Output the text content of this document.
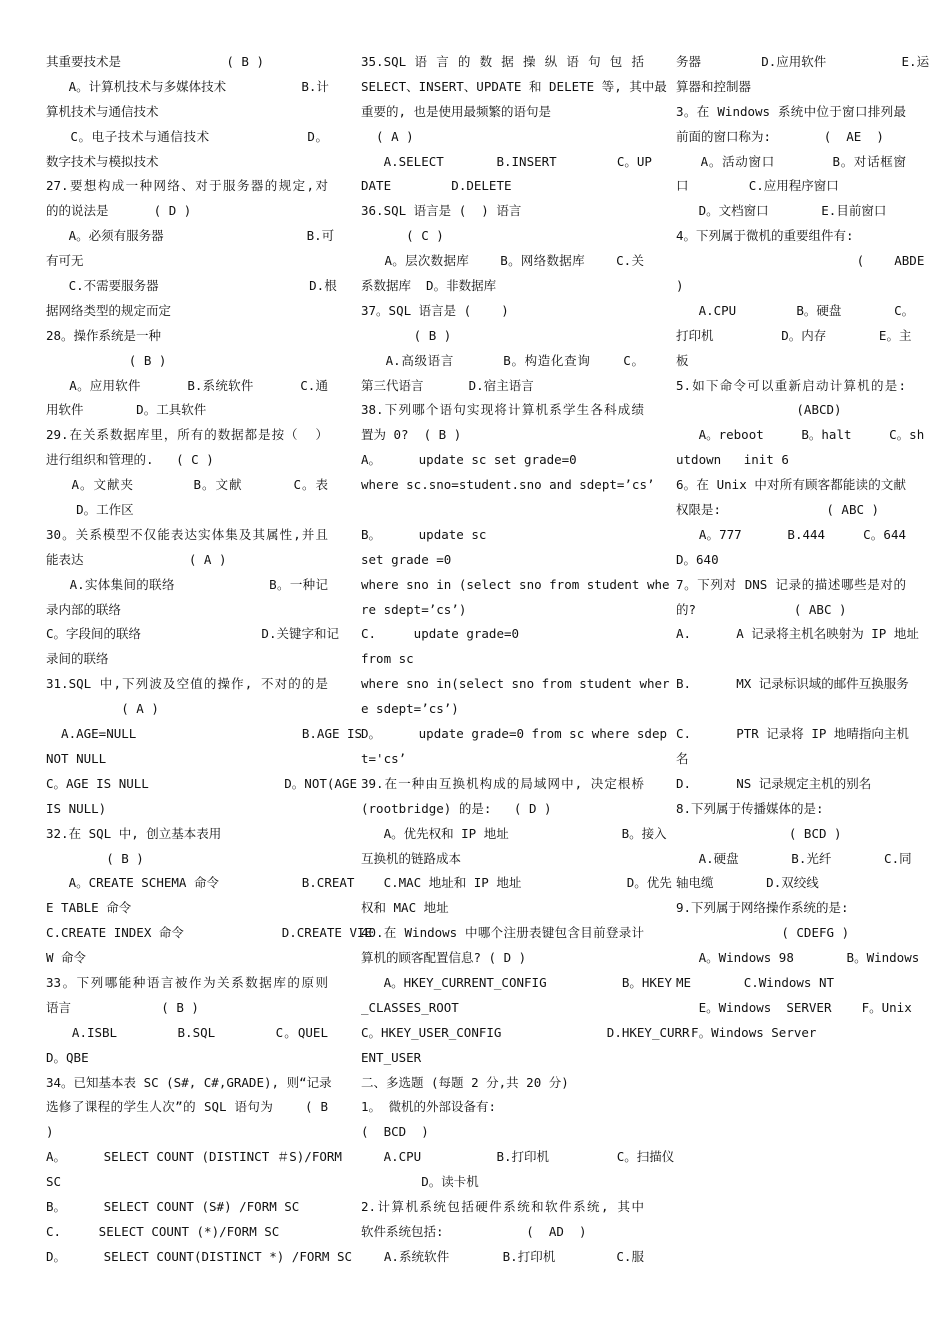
其重要技术是              ( B )
A。计算机技术与多媒体技术          B.计
算机技术与通信技术
C。电子技术与通信技术            D。
数字技术与模拟技术
27.要想构成一种网络、对于服务器的规定,对
的的说法是      ( D )
A。必须有服务器                   B.可
有可无
C.不需要服务器                    D.根
据网络类型的规定而定
28。操作系统是一种
( B )
A。应用软件      B.系统软件      C.通
用软件       D。工具软件
29.在关系数据库里，所有的数据都是按（  ）
进行组织和管理的.   ( C )
A。文献夹       B。文献      C。表
D。工作区
30。关系模型不仅能表达实体集及其属性,并且
能表达              ( A )
A.实体集间的联络            B。一种记
录内部的联络
C。字段间的联络                D.关键字和记
录间的联络
31.SQL 中,下列波及空值的操作, 不对的的是
( A )
A.AGE=NULL                      B.AGE IS
NOT NULL
C。AGE IS NULL                  D。NOT(AGE
IS NULL)
32.在 SQL 中, 创立基本表用
( B )
A。CREATE SCHEMA 命令           B.CREAT
E TABLE 命令
C.CREATE INDEX 命令             D.CREATE VIE
W 命令
33。下列哪能种语言被作为关系数据库的原则
语言            ( B )
A.ISBL       B.SQL       C。QUEL
D。QBE
34。已知基本表 SC (S#, C#,GRADE), 则“记录
选修了课程的学生人次”的 SQL 语句为    ( B
)
A。     SELECT COUNT (DISTINCT ＃S)/FORM
SC
B。     SELECT COUNT (S#) /FORM SC
C.     SELECT COUNT (*)/FORM SC
D。     SELECT COUNT(DISTINCT *) /FORM SC
35.SQL 语 言 的 数 据 操 纵 语 句 包 括
SELECT、INSERT、UPDATE 和 DELETE 等, 其中最
重要的, 也是使用最频繁的语句是
( A )
A.SELECT       B.INSERT        C。UP
DATE        D.DELETE
36.SQL 语言是 (  ) 语言
( C )
A。层次数据库    B。网络数据库    C.关
系数据库  D。非数据库
37。SQL 语言是 (    )
( B )
A.高级语言      B。构造化查询    C。
第三代语言      D.宿主语言
38.下列哪个语句实现将计算机系学生各科成绩
置为 0?  ( B )
A。     update sc set grade=0
where sc.sno=student.sno and sdept=’cs’
B。     update sc
set grade =0
where sno in (select sno from student whe
re sdept=’cs’)
C.     update grade=0
from sc
where sno in(select sno from student wher
e sdept=’cs’)
D。     update grade=0 from sc where sdep
t='cs’
39.在一种由互换机构成的局域网中, 决定根桥
(rootbridge) 的是:   ( D )
A。优先权和 IP 地址               B。接入
互换机的链路成本
C.MAC 地址和 IP 地址              D。优先
权和 MAC 地址
40.在 Windows 中哪个注册表键包含目前登录计
算机的顾客配置信息? ( D )
A。HKEY_CURRENT_CONFIG          B。HKEY
_CLASSES_ROOT
C。HKEY_USER_CONFIG              D.HKEY_CURR
ENT_USER
二、多选题 (每题 2 分,共 20 分)
1。 微机的外部设备有:
(  BCD  )
A.CPU          B.打印机         C。扫描仪
D。读卡机
2.计算机系统包括硬件系统和软件系统, 其中
软件系统包括:           (  AD  )
A.系统软件       B.打印机        C.服
务器        D.应用软件          E.运
算器和控制器
3。在 Windows 系统中位于窗口排列最
前面的窗口称为:       (  AE  )
A。活动窗口       B。对话框窗
口        C.应用程序窗口
D。文档窗口       E.目前窗口
4。下列属于微机的重要组件有:
(    ABDE
)
A.CPU        B。硬盘       C。
打印机         D。内存       E。主
板
5.如下命令可以重新启动计算机的是:
(ABCD)
A。reboot     B。halt     C。sh
utdown   init 6
6。在 Unix 中对所有顾客都能读的文献
权限是:              ( ABC )
A。777      B.444     C。644
D。640
7。下列对 DNS 记录的描述哪些是对的
的?             ( ABC )
A.      A 记录将主机名映射为 IP 地址
B.      MX 记录标识域的邮件互换服务
C.      PTR 记录将 IP 地晴指向主机
名
D.      NS 记录规定主机的别名
8.下列属于传播媒体的是:
( BCD )
A.硬盘       B.光纤       C.同
轴电缆       D.双绞线
9.下列属于网络操作系统的是:
( CDEFG )
A。Windows 98       B。Windows
ME       C.Windows NT
E。Windows  SERVER    F。Unix
F。Windows Server
